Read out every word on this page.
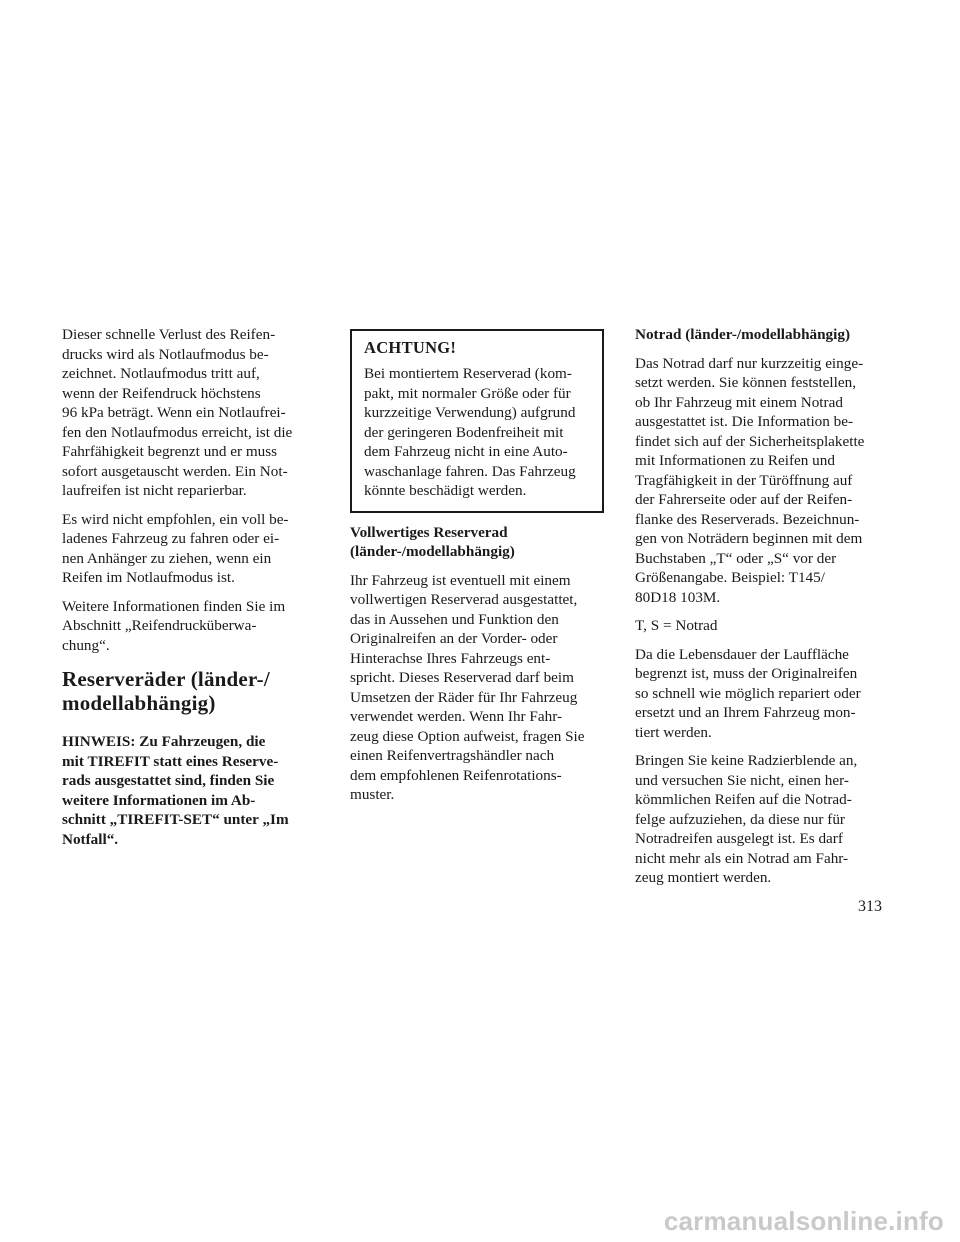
Dieser schnelle Verlust des Reifen-
drucks wird als Notlaufmodus be-
zeichnet. Notlaufmodus tritt auf,
wenn der Reifendruck höchstens
96 kPa beträgt. Wenn ein Notlaufrei-
fen den Notlaufmodus erreicht, ist die
Fahrfähigkeit begrenzt und er muss
sofort ausgetauscht werden. Ein Not-
laufreifen ist nicht reparierbar.

Es wird nicht empfohlen, ein voll be-
ladenes Fahrzeug zu fahren oder ei-
nen Anhänger zu ziehen, wenn ein
Reifen im Notlaufmodus ist.

Weitere Informationen finden Sie im
Abschnitt „Reifendrucküberwa-
chung“.

Reserveräder (länder-/
modellabhängig)

HINWEIS: Zu Fahrzeugen, die
mit TIREFIT statt eines Reserve-
rads ausgestattet sind, finden Sie
weitere Informationen im Ab-
schnitt „TIREFIT-SET“ unter „Im
Notfall“.

ACHTUNG!

Bei montiertem Reserverad (kom-
pakt, mit normaler Größe oder für
kurzzeitige Verwendung) aufgrund
der geringeren Bodenfreiheit mit
dem Fahrzeug nicht in eine Auto-
waschanlage fahren. Das Fahrzeug
könnte beschädigt werden.

Vollwertiges Reserverad
(länder-/modellabhängig)

Ihr Fahrzeug ist eventuell mit einem
vollwertigen Reserverad ausgestattet,
das in Aussehen und Funktion den
Originalreifen an der Vorder- oder
Hinterachse Ihres Fahrzeugs ent-
spricht. Dieses Reserverad darf beim
Umsetzen der Räder für Ihr Fahrzeug
verwendet werden. Wenn Ihr Fahr-
zeug diese Option aufweist, fragen Sie
einen Reifenvertragshändler nach
dem empfohlenen Reifenrotations-
muster.

Notrad (länder-/modellabhängig)

Das Notrad darf nur kurzzeitig einge-
setzt werden. Sie können feststellen,
ob Ihr Fahrzeug mit einem Notrad
ausgestattet ist. Die Information be-
findet sich auf der Sicherheitsplakette
mit Informationen zu Reifen und
Tragfähigkeit in der Türöffnung auf
der Fahrerseite oder auf der Reifen-
flanke des Reserverads. Bezeichnun-
gen von Noträdern beginnen mit dem
Buchstaben „T“ oder „S“ vor der
Größenangabe. Beispiel: T145/
80D18 103M.

T, S = Notrad

Da die Lebensdauer der Lauffläche
begrenzt ist, muss der Originalreifen
so schnell wie möglich repariert oder
ersetzt und an Ihrem Fahrzeug mon-
tiert werden.

Bringen Sie keine Radzierblende an,
und versuchen Sie nicht, einen her-
kömmlichen Reifen auf die Notrad-
felge aufzuziehen, da diese nur für
Notradreifen ausgelegt ist. Es darf
nicht mehr als ein Notrad am Fahr-
zeug montiert werden.

313
carmanualsonline.info
